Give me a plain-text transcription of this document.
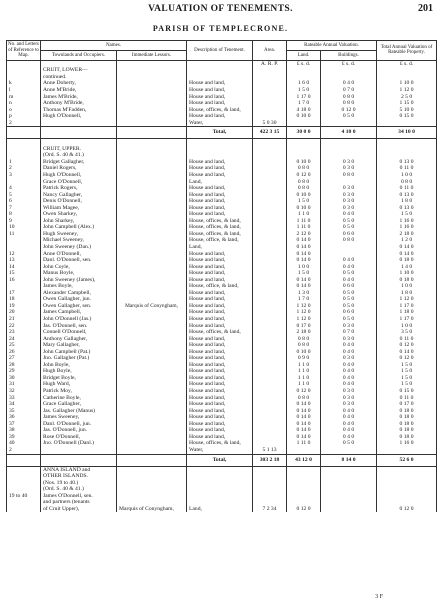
VALUATION OF TENEMENTS.	201
PARISH OF TEMPLECRONE.
No. and Letters of Reference to Map.	Names.		Description of Tenement.	Area.	Rateable Annual Valuation.		Total Annual Valuation of Rateable Property.
	Townlands and Occupiers.	Immediate Lessors.			Land.	Buildings.	
				A. R. P.	£ s. d.	£ s. d.	£ s. d.
	CRUIT, LOWER—						
	continued.						
k	Anne Doherty,		House and land,		1 6 0	0 4 0	1 10 0
l	Anne M'Bride,		House and land,		1 5 0	0 7 0	1 12 0
m	James M'Bride,		House and land,		1 17 0	0 8 0	2 5 0
n	Anthony M'Bride,		House and land,		1 7 0	0 8 0	1 15 0
o	Thomas M'Fadden,		House, offices, & land,		4 18 0	0 12 0	5 10 0
p	Hugh O'Donnell,		House and land,		0 10 0	0 5 0	0 15 0
2			Water,	5 0 30			
			Total,	422 3 15	30 0 0	4 10 0	34 10 0

	CRUIT, UPPER.						
	(Ord. S. 40 & 41.)						
1	Bridget Gallagher,		House and land,		0 10 0	0 3 0	0 13 0
2	Daniel Rogers,		House and land,		0 8 0	0 3 0	0 11 0
3	Hugh O'Donnell,		House and land,		0 12 0	0 8 0	1 0 0
	Grace O'Donnell,		Land,		0 8 0		0 8 0
4	Patrick Rogers,		House and land,		0 8 0	0 3 0	0 11 0
5	Nancy Gallagher,		House and land,		0 10 0	0 3 0	0 13 0
6	Denis O'Donnell,		House and land,		1 5 0	0 3 0	1 8 0
7	William Magee,		House and land,		0 10 0	0 3 0	0 13 0
8	Owen Sharkey,		House and land,		1 1 0	0 4 0	1 5 0
9	John Sharkey,		House, offices, & land,		1 11 0	0 5 0	1 16 0
10	John Campbell (Alex.)		House, offices, & land,		1 11 0	0 5 0	1 16 0
11	Hugh Sweeney,		House, offices, & land,		2 12 0	0 6 0	2 18 0
	Michael Sweeney,		House, office, & land,		0 14 0	0 8 0	1 2 0
	John Sweeney (Dan.)		Land,		0 14 0		0 14 0
12	Anne O'Donnell,		House and land,		0 14 0		0 14 0
13	Danl. O'Donnell, sen.		House and land,		0 14 0	0 4 0	0 18 0
14	John Coyle,		House and land,		1 0 0	0 4 0	1 4 0
15	Manus Boyle,		House and land,		1 5 0	0 5 0	1 10 0
16	John Sweeney (James),		House and land,		0 14 0	0 4 0	0 18 0
	James Boyle,		House, office, & land,		0 14 0	0 6 0	1 0 0
17	Alexander Campbell,		House and land,		1 3 0	0 5 0	1 8 0
18	Owen Gallagher, jun.		House and land,		1 7 0	0 5 0	1 12 0
19	Owen Gallagher, sen.	Marquis of Conyngham,	House and land,		1 12 0	0 5 0	1 17 0
20	James Campbell,		House and land,		1 12 0	0 6 0	1 18 0
21	John O'Donnell (Jas.)		House and land,		1 12 0	0 5 0	1 17 0
22	Jas. O'Donnell, sen.		House and land,		0 17 0	0 3 0	1 0 0
23	Connell O'Donnell,		House, offices, & land,		2 18 0	0 7 0	3 5 0
24	Anthony Gallagher,		House and land,		0 8 0	0 3 0	0 11 0
25	Mary Gallagher,		House and land,		0 8 0	0 4 0	0 12 0
26	John Campbell (Pat.)		House and land,		0 10 0	0 4 0	0 14 0
27	Jno. Gallagher (Pat.)		House and land,		0 9 0	0 3 0	0 12 0
28	John Boyle,		House and land,		1 1 0	0 4 0	1 5 0
29	Hugh Boyle,		House and land,		1 1 0	0 4 0	1 5 0
30	Bridget Boyle,		House and land,		1 1 0	0 4 0	1 5 0
31	Hugh Ward,		House and land,		1 1 0	0 4 0	1 5 0
32	Patrick Moy,		House and land,		0 12 0	0 3 0	0 15 0
33	Catherine Boyle,		House and land,		0 8 0	0 3 0	0 11 0
34	Grace Gallagher,		House and land,		0 14 0	0 3 0	0 17 0
35	Jas. Gallagher (Manus)		House and land,		0 14 0	0 4 0	0 18 0
36	James Sweeney,		House and land,		0 14 0	0 4 0	0 18 0
37	Danl. O'Donnell, jun.		House and land,		0 14 0	0 4 0	0 18 0
38	Jas. O'Donnell, jun.		House and land,		0 14 0	0 4 0	0 18 0
39	Rose O'Donnell,		House and land,		0 14 0	0 4 0	0 18 0
40	Jno. O'Donnell (Danl.)		House, offices, & land,		1 11 0	0 5 0	1 16 0
2			Water,	5 1 13			
			Total,	303 2 18	43 12 0	8 14 0	52 6 0
	ANNA ISLAND and						
	OTHER ISLANDS.						
	(Nos. 19 to 40.)						
	(Ord. S. 40 & 41.)						
19 to 40	James O'Donnell, sen.						
	and partners (tenants						
	of Cruit Upper),	Marquis of Conyngham,	Land,	7 2 34	0 12 0		0 12 0
3 F
